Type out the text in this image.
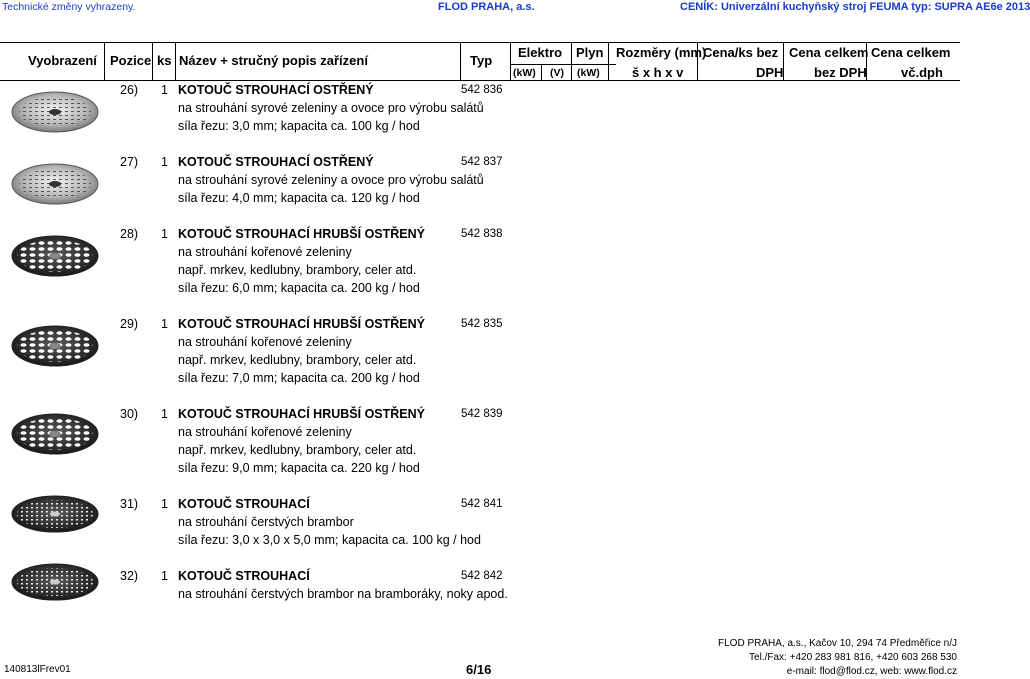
Technické změny vyhrazeny.	FLOD PRAHA, a.s.	CENÍK: Univerzální kuchyňský stroj FEUMA typ: SUPRA AE6e 2013
Vyobrazení Pozice ks Název + stručný popis zařízení	Typ
Elektro
(kW) (V)
Plyn
(kW)
Rozměry (mm)
š x h x v
Cena/ks bez
DPH
Cena celkem
bez DPH
Cena celkem
vč.dph
26) 1 KOTOUČ STROUHACÍ OSTŘENÝ	542 836
na strouhání syrové zeleniny a ovoce pro výrobu salátů
síla řezu: 3,0 mm; kapacita ca. 100 kg / hod
27) 1 KOTOUČ STROUHACÍ OSTŘENÝ	542 837
na strouhání syrové zeleniny a ovoce pro výrobu salátů
síla řezu: 4,0 mm; kapacita ca. 120 kg / hod
28) 1 KOTOUČ STROUHACÍ HRUBŠÍ OSTŘENÝ	542 838
na strouhání kořenové zeleniny
např. mrkev, kedlubny, brambory, celer atd.
síla řezu: 6,0 mm; kapacita ca. 200 kg / hod
29) 1 KOTOUČ STROUHACÍ HRUBŠÍ OSTŘENÝ	542 835
na strouhání kořenové zeleniny
např. mrkev, kedlubny, brambory, celer atd.
síla řezu: 7,0 mm; kapacita ca. 200 kg / hod
30) 1 KOTOUČ STROUHACÍ HRUBŠÍ OSTŘENÝ	542 839
na strouhání kořenové zeleniny
např. mrkev, kedlubny, brambory, celer atd.
síla řezu: 9,0 mm; kapacita ca. 220 kg / hod
31) 1 KOTOUČ STROUHACÍ	542 841
na strouhání čerstvých brambor
síla řezu: 3,0 x 3,0 x 5,0 mm; kapacita ca. 100 kg / hod
32) 1 KOTOUČ STROUHACÍ	542 842
na strouhání čerstvých brambor na bramboráky, noky apod.
140813lFrev01	6/16
FLOD PRAHA, a.s., Kačov 10, 294 74 Předměřice n/J
Tel./Fax: +420 283 981 816, +420 603 268 530
e-mail: flod@flod.cz, web: www.flod.cz
